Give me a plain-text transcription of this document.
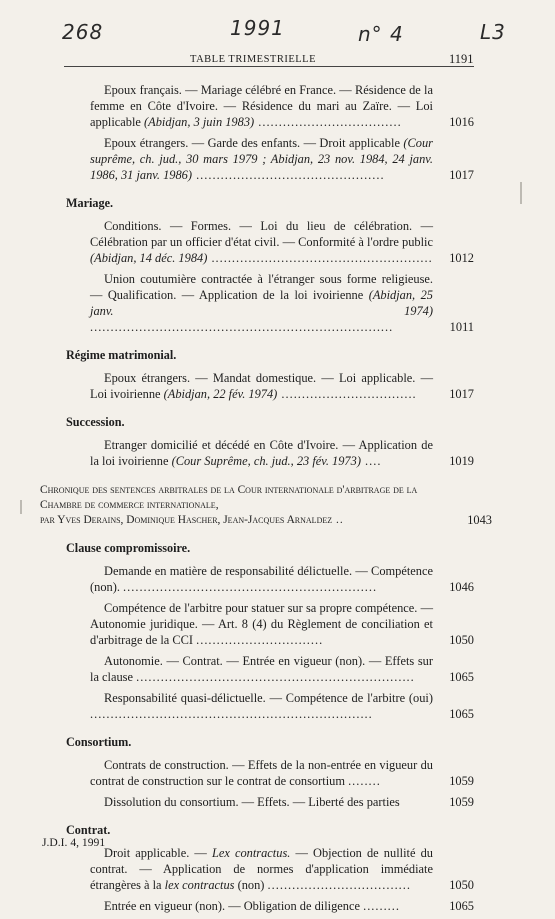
268	1991	n° 4	L3
TABLE TRIMESTRIELLE	1191
Epoux français. — Mariage célébré en France. — Résidence de la femme en Côte d'Ivoire. — Résidence du mari au Zaïre. — Loi applicable (Abidjan, 3 juin 1983) ...................................	1016
Epoux étrangers. — Garde des enfants. — Droit applicable (Cour suprême, ch. jud., 30 mars 1979 ; Abidjan, 23 nov. 1984, 24 janv. 1986, 31 janv. 1986) ..............................................	1017
Mariage.
Conditions. — Formes. — Loi du lieu de célébration. — Célébration par un officier d'état civil. — Conformité à l'ordre public (Abidjan, 14 déc. 1984) ......................................................	1012
Union coutumière contractée à l'étranger sous forme religieuse. — Qualification. — Application de la loi ivoirienne (Abidjan, 25 janv. 1974) ..........................................................................	1011
Régime matrimonial.
Epoux étrangers. — Mandat domestique. — Loi applicable. — Loi ivoirienne (Abidjan, 22 fév. 1974) .................................	1017
Succession.
Etranger domicilié et décédé en Côte d'Ivoire. — Application de la loi ivoirienne (Cour Suprême, ch. jud., 23 fév. 1973) ....	1019
Chronique des sentences arbitrales de la Cour internationale d'arbitrage de la Chambre de commerce internationale,
par Yves Derains, Dominique Hascher, Jean-Jacques Arnaldez ..	1043
Clause compromissoire.
Demande en matière de responsabilité délictuelle. — Compétence (non). ..............................................................	1046
Compétence de l'arbitre pour statuer sur sa propre compétence. — Autonomie juridique. — Art. 8 (4) du Règlement de conciliation et d'arbitrage de la CCI ...............................	1050
Autonomie. — Contrat. — Entrée en vigueur (non). — Effets sur la clause ....................................................................	1065
Responsabilité quasi-délictuelle. — Compétence de l'arbitre (oui) .....................................................................	1065
Consortium.
Contrats de construction. — Effets de la non-entrée en vigueur du contrat de construction sur le contrat de consortium ........	1059
Dissolution du consortium. — Effets. — Liberté des parties	1059
Contrat.
Droit applicable. — Lex contractus. — Objection de nullité du contrat. — Application de normes d'application immédiate étrangères à la lex contractus (non) ...................................	1050
Entrée en vigueur (non). — Obligation de diligence .........	1065
J.D.I. 4, 1991
